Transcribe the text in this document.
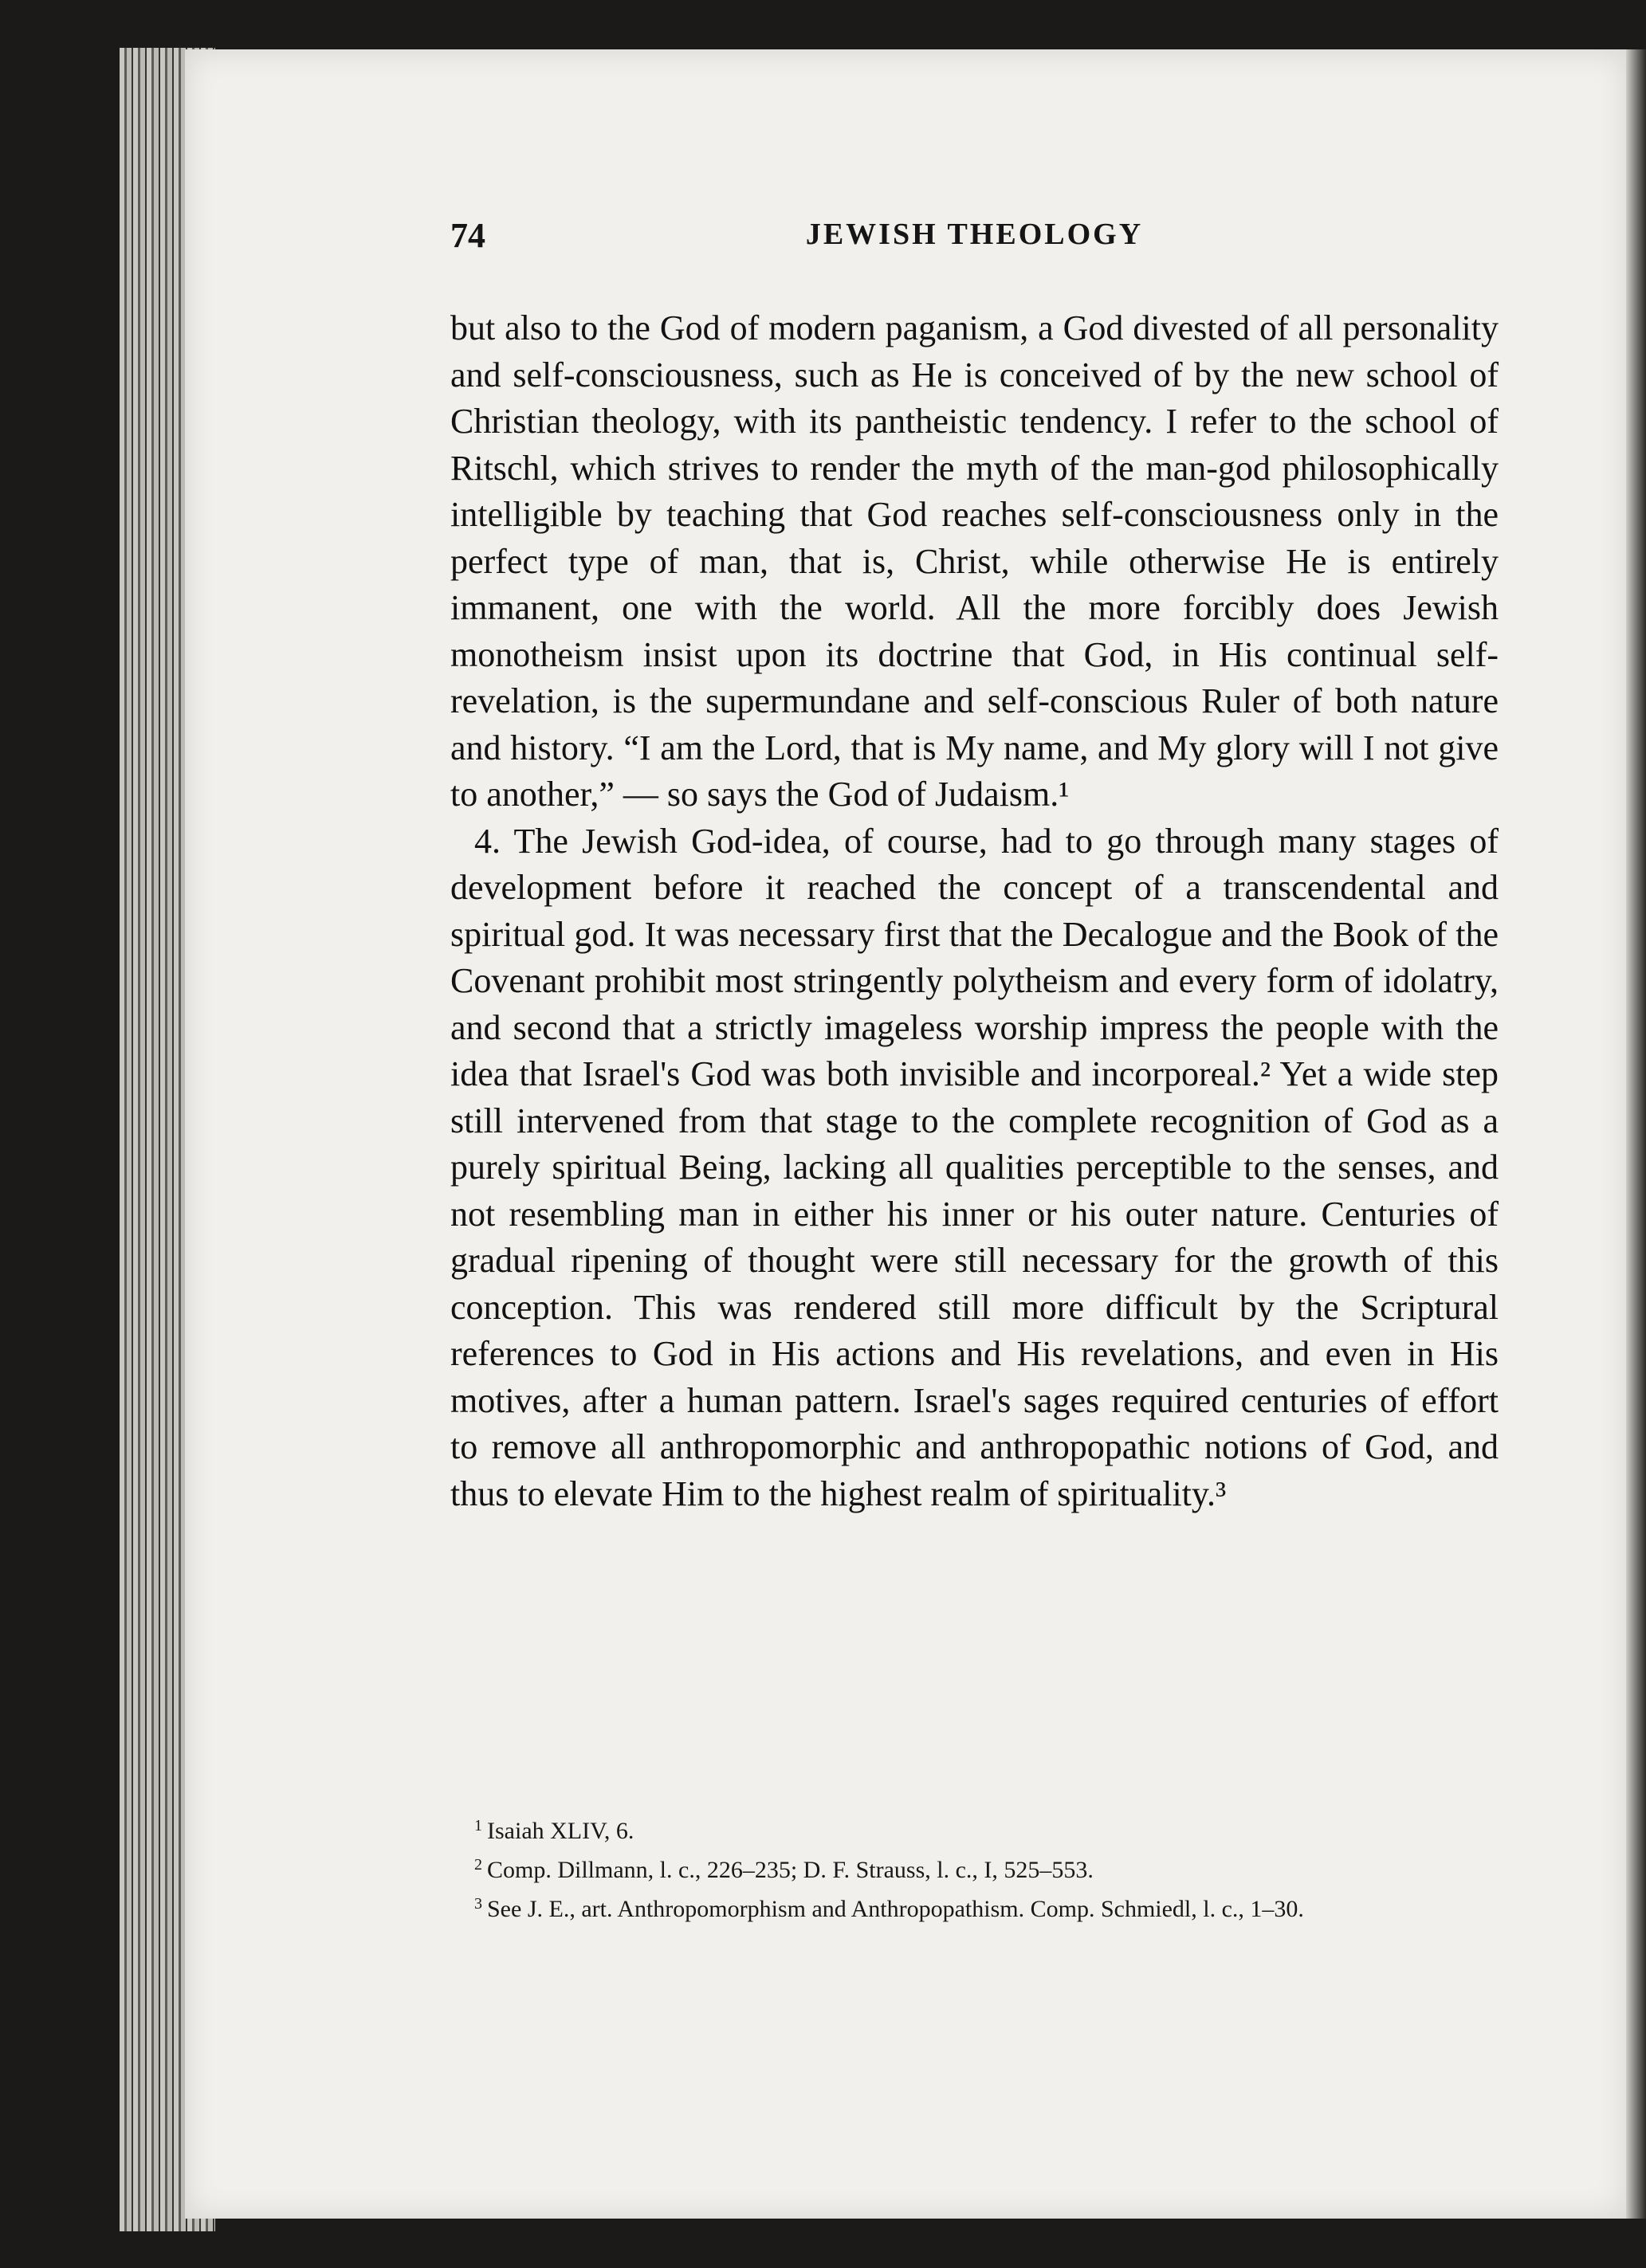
74	JEWISH THEOLOGY

but also to the God of modern paganism, a God divested of all personality and self-consciousness, such as He is conceived of by the new school of Christian theology, with its pantheistic tendency. I refer to the school of Ritschl, which strives to render the myth of the man-god philosophically intelligible by teaching that God reaches self-consciousness only in the perfect type of man, that is, Christ, while otherwise He is entirely immanent, one with the world. All the more forcibly does Jewish monotheism insist upon its doctrine that God, in His continual self-revelation, is the supermundane and self-conscious Ruler of both nature and history. “I am the Lord, that is My name, and My glory will I not give to another,” — so says the God of Judaism.¹

4. The Jewish God-idea, of course, had to go through many stages of development before it reached the concept of a transcendental and spiritual god. It was necessary first that the Decalogue and the Book of the Covenant prohibit most stringently polytheism and every form of idolatry, and second that a strictly imageless worship impress the people with the idea that Israel's God was both invisible and incorporeal.² Yet a wide step still intervened from that stage to the complete recognition of God as a purely spiritual Being, lacking all qualities perceptible to the senses, and not resembling man in either his inner or his outer nature. Centuries of gradual ripening of thought were still necessary for the growth of this conception. This was rendered still more difficult by the Scriptural references to God in His actions and His revelations, and even in His motives, after a human pattern. Israel's sages required centuries of effort to remove all anthropomorphic and anthropopathic notions of God, and thus to elevate Him to the highest realm of spirituality.³

$^1$ Isaiah XLIV, 6.

$^2$ Comp. Dillmann, l. c., 226–235; D. F. Strauss, l. c., I, 525–553.

$^3$ See J. E., art. Anthropomorphism and Anthropopathism. Comp. Schmiedl, l. c., 1–30.
